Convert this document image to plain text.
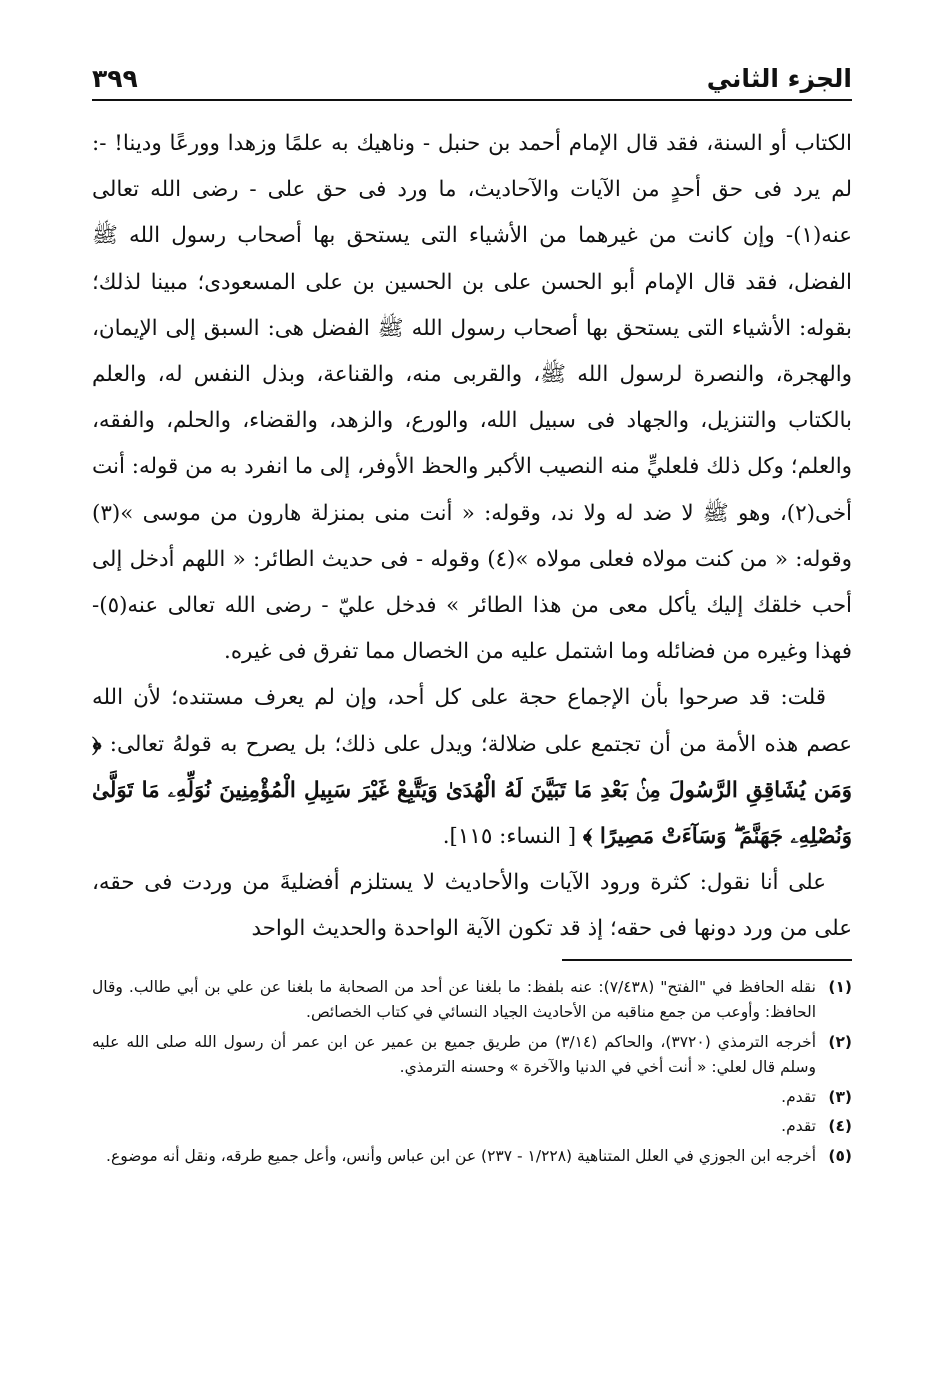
الجزء الثاني
٣٩٩

الكتاب أو السنة، فقد قال الإمام أحمد بن حنبل - وناهيك به علمًا وزهدا وورعًا ودينا! -: لم يرد فى حق أحدٍ من الآيات والآحاديث، ما ورد فى حق على - رضى الله تعالى عنه(١)- وإن كانت من غيرهما من الأشياء التى يستحق بها أصحاب رسول الله ﷺ الفضل، فقد قال الإمام أبو الحسن على بن الحسين بن على المسعودى؛ مبينا لذلك؛ بقوله: الأشياء التى يستحق بها أصحاب رسول الله ﷺ الفضل هى: السبق إلى الإيمان، والهجرة، والنصرة لرسول الله ﷺ، والقربى منه، والقناعة، وبذل النفس له، والعلم بالكتاب والتنزيل، والجهاد فى سبيل الله، والورع، والزهد، والقضاء، والحلم، والفقه، والعلم؛ وكل ذلك فلعليٍّ منه النصيب الأكبر والحظ الأوفر، إلى ما انفرد به من قوله: أنت أخى(٢)، وهو ﷺ لا ضد له ولا ند، وقوله: « أنت منى بمنزلة هارون من موسى »(٣) وقوله: « من كنت مولاه فعلى مولاه »(٤) وقوله - فى حديث الطائر: « اللهم أدخل إلى أحب خلقك إليك يأكل معى من هذا الطائر » فدخل عليّ - رضى الله تعالى عنه(٥)- فهذا وغيره من فضائله وما اشتمل عليه من الخصال مما تفرق فى غيره.

قلت: قد صرحوا بأن الإجماع حجة على كل أحد، وإن لم يعرف مستنده؛ لأن الله عصم هذه الأمة من أن تجتمع على ضلالة؛ ويدل على ذلك؛ بل يصرح به قولهُ تعالى: ﴿ وَمَن يُشَاقِقِ الرَّسُولَ مِنۢ بَعْدِ مَا تَبَيَّنَ لَهُ الْهُدَىٰ وَيَتَّبِعْ غَيْرَ سَبِيلِ الْمُؤْمِنِينَ نُوَلِّهِۦ مَا تَوَلَّىٰ وَنُصْلِهِۦ جَهَنَّمَ ۖ وَسَآءَتْ مَصِيرًا ﴾ [ النساء: ١١٥].

على أنا نقول: كثرة ورود الآيات والأحاديث لا يستلزم أفضليةَ من وردت فى حقه، على من ورد دونها فى حقه؛ إذ قد تكون الآية الواحدة والحديث الواحد

(١)
نقله الحافظ في "الفتح" (٧/٤٣٨): عنه بلفظ: ما بلغنا عن أحد من الصحابة ما بلغنا عن علي بن أبي طالب. وقال الحافظ: وأوعب من جمع مناقبه من الأحاديث الجياد النسائي في كتاب الخصائص.
(٢)
أخرجه الترمذي (٣٧٢٠)، والحاكم (٣/١٤) من طريق جميع بن عمير عن ابن عمر أن رسول الله صلى الله عليه وسلم قال لعلي: « أنت أخي في الدنيا والآخرة » وحسنه الترمذي.
(٣)
تقدم.
(٤)
تقدم.
(٥)
أخرجه ابن الجوزي في العلل المتناهية (١/٢٢٨ - ٢٣٧) عن ابن عباس وأنس، وأعل جميع طرقه، ونقل أنه موضوع.
